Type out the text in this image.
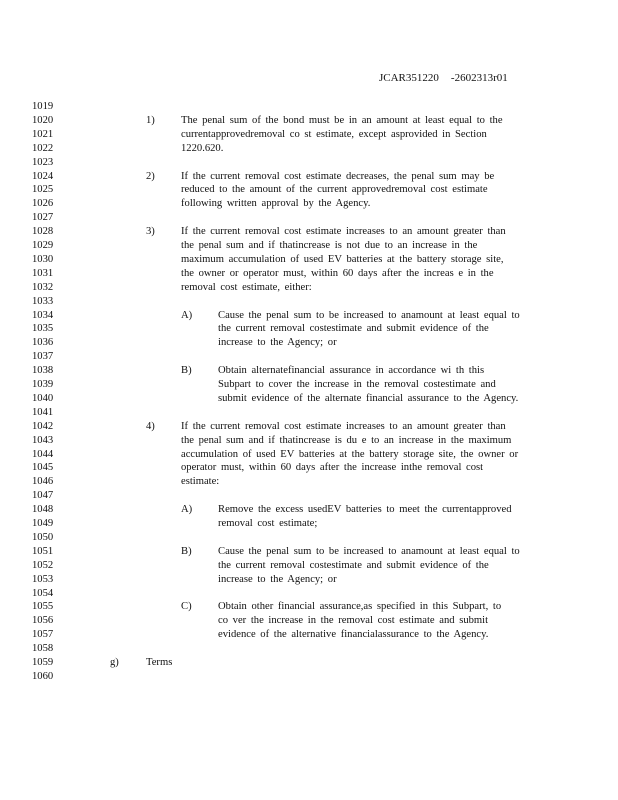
JCAR351220 -2602313r01
1019
1020	1) The penal sum of the bond must be in an amount at least equal to the
1021	currentapprovedremoval co st estimate, except asprovided in Section
1022	1220.620.
1023
1024	2) If the current removal cost estimate decreases, the penal sum may be
1025	reduced to the amount of the current approvedremoval cost estimate
1026	following written approval by the Agency.
1027
1028	3) If the current removal cost estimate increases to an amount greater than
1029	the penal sum and if thatincrease is not due to an increase in the
1030	maximum accumulation of used EV batteries at the battery storage site,
1031	the owner or operator must, within 60 days after the increas e in the
1032	removal cost estimate, either:
1033
1034	A) Cause the penal sum to be increased to anamount at least equal to
1035	the current removal costestimate and submit evidence of the
1036	increase to the Agency; or
1037
1038	B) Obtain alternatefinancial assurance in accordance wi th this
1039	Subpart to cover the increase in the removal costestimate and
1040	submit evidence of the alternate financial assurance to the Agency.
1041
1042	4) If the current removal cost estimate increases to an amount greater than
1043	the penal sum and if thatincrease is du e to an increase in the maximum
1044	accumulation of used EV batteries at the battery storage site, the owner or
1045	operator must, within 60 days after the increase inthe removal cost
1046	estimate:
1047
1048	A) Remove the excess usedEV batteries to meet the currentapproved
1049	removal cost estimate;
1050
1051	B) Cause the penal sum to be increased to anamount at least equal to
1052	the current removal costestimate and submit evidence of the
1053	increase to the Agency; or
1054
1055	C) Obtain other financial assurance,as specified in this Subpart, to
1056	co ver the increase in the removal cost estimate and submit
1057	evidence of the alternative financialassurance to the Agency.
1058
1059	g)	Terms
1060
